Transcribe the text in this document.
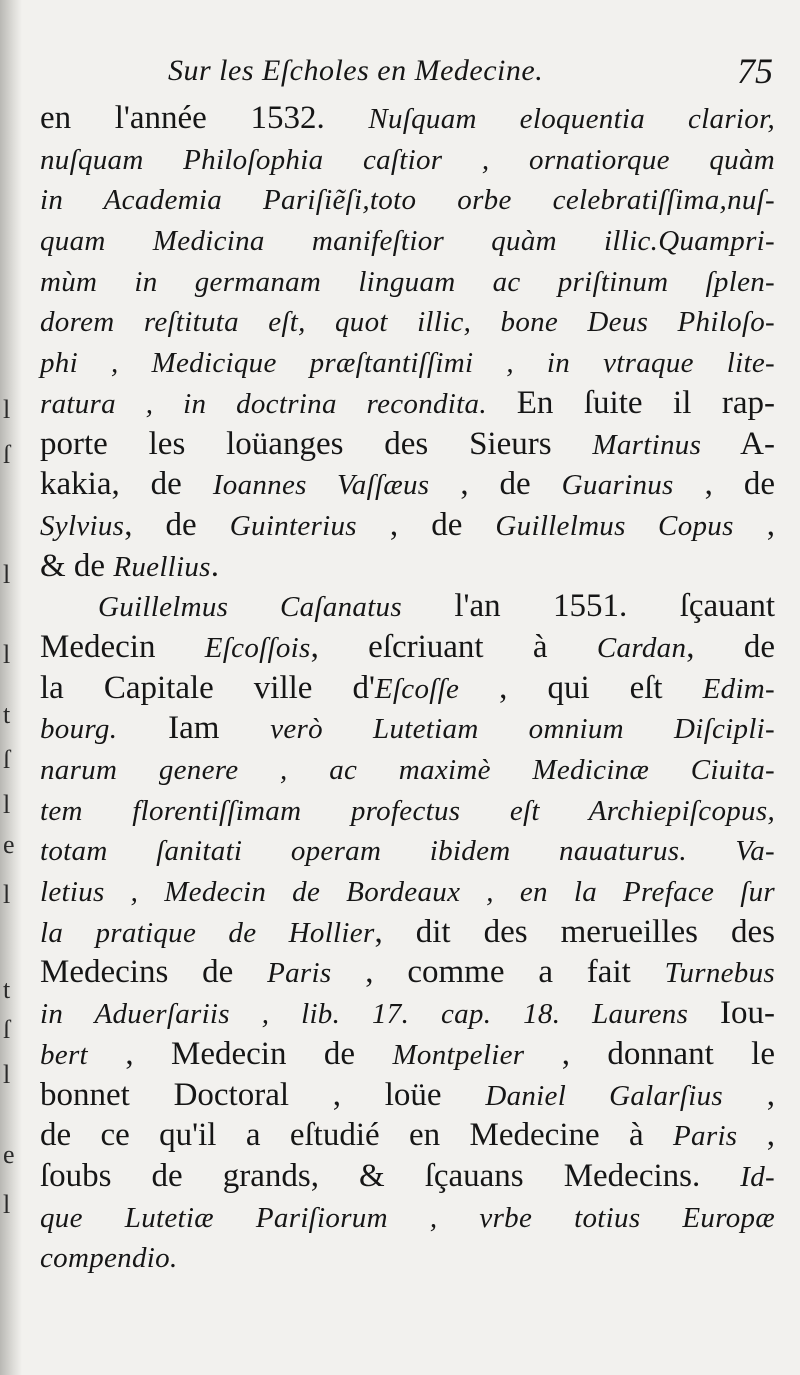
l
ſ
l
l
t
ſ
l
e
l
t
ſ
l
e
l
Sur les Eſcholes en Medecine.	75
en l'année 1532. Nuſquam eloquentia clarior,
nuſquam Philoſophia caſtior , ornatiorque quàm
in Academia Pariſiẽſi,toto orbe celebratiſſima,nuſ-
quam Medicina manifeſtior quàm illic.Quampri-
mùm in germanam linguam ac priſtinum ſplen-
dorem reſtituta eſt, quot illic, bone Deus Philoſo-
phi , Medicique præſtantiſſimi , in vtraque lite-
ratura , in doctrina recondita. En ſuite il rap-
porte les loüanges des Sieurs Martinus A-
kakia, de Ioannes Vaſſæus , de Guarinus , de
Sylvius, de Guinterius , de Guillelmus Copus ,
& de Ruellius.
Guillelmus Caſanatus l'an 1551. ſçauant
Medecin Eſcoſſois, eſcriuant à Cardan, de
la Capitale ville d'Eſcoſſe , qui eſt Edim-
bourg. Iam verò Lutetiam omnium Diſcipli-
narum genere , ac maximè Medicinæ Ciuita-
tem florentiſſimam profectus eſt Archiepiſcopus,
totam ſanitati operam ibidem nauaturus. Va-
letius , Medecin de Bordeaux , en la Preface ſur
la pratique de Hollier, dit des merueilles des
Medecins de Paris , comme a fait Turnebus
in Aduerſariis , lib. 17. cap. 18. Laurens Iou-
bert , Medecin de Montpelier , donnant le
bonnet Doctoral , loüe Daniel Galarſius ,
de ce qu'il a eſtudié en Medecine à Paris ,
ſoubs de grands, & ſçauans Medecins. Id-
que Lutetiæ Pariſiorum , vrbe totius Europæ
compendio.
